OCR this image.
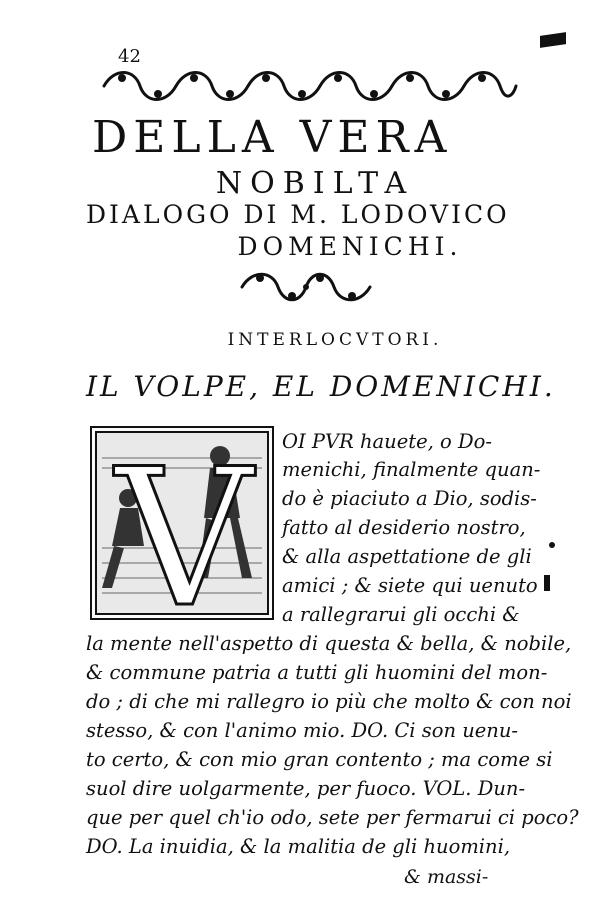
42
DELLA VERA
NOBILTA
DIALOGO DI M. LODOVICO
DOMENICHI.
INTERLOCVTORI.
IL VOLPE, EL DOMENICHI.
V OI PVR hauete, o Do-
menichi, finalmente quan-
do è piaciuto a Dio, sodis-
fatto al desiderio nostro,
& alla aspettatione de gli
amici ; & siete qui uenuto
a rallegrarui gli occhi &
la mente nell'aspetto di questa & bella, & nobile,
& commune patria a tutti gli huomini del mon-
do ; di che mi rallegro io più che molto & con noi
stesso, & con l'animo mio. DO. Ci son uenu-
to certo, & con mio gran contento ; ma come si
suol dire uolgarmente, per fuoco. VOL. Dun-
que per quel ch'io odo, sete per fermarui ci poco?
DO. La inuidia, & la malitia de gli huomini,
& massi-
